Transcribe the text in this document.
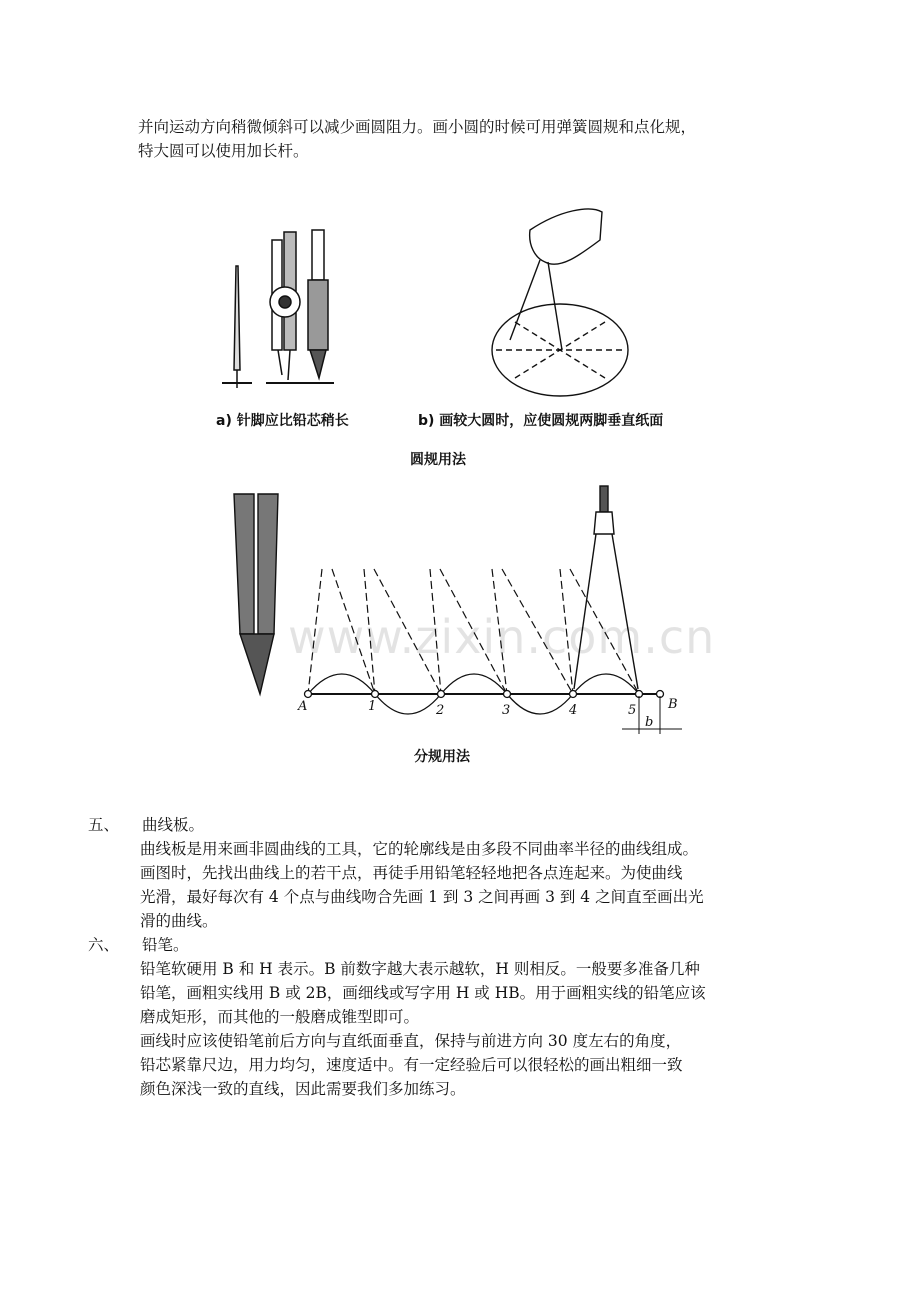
并向运动方向稍微倾斜可以减少画圆阻力。画小圆的时候可用弹簧圆规和点化规，
特大圆可以使用加长杆。
a) 针脚应比铅芯稍长	b) 画较大圆时，应使圆规两脚垂直纸面
圆规用法
A	1	2	3	4	5 B
b
www.zixin.com.cn
分规用法
五、 曲线板。
曲线板是用来画非圆曲线的工具，它的轮廓线是由多段不同曲率半径的曲线组成。
画图时，先找出曲线上的若干点，再徒手用铅笔轻轻地把各点连起来。为使曲线
光滑，最好每次有 4 个点与曲线吻合先画 1 到 3 之间再画 3 到 4 之间直至画出光
滑的曲线。
六、 铅笔。
铅笔软硬用 B 和 H 表示。B 前数字越大表示越软，H 则相反。一般要多准备几种
铅笔，画粗实线用 B 或 2B，画细线或写字用 H 或 HB。用于画粗实线的铅笔应该
磨成矩形，而其他的一般磨成锥型即可。
画线时应该使铅笔前后方向与直纸面垂直，保持与前进方向 30 度左右的角度，
铅芯紧靠尺边，用力均匀，速度适中。有一定经验后可以很轻松的画出粗细一致
颜色深浅一致的直线，因此需要我们多加练习。
